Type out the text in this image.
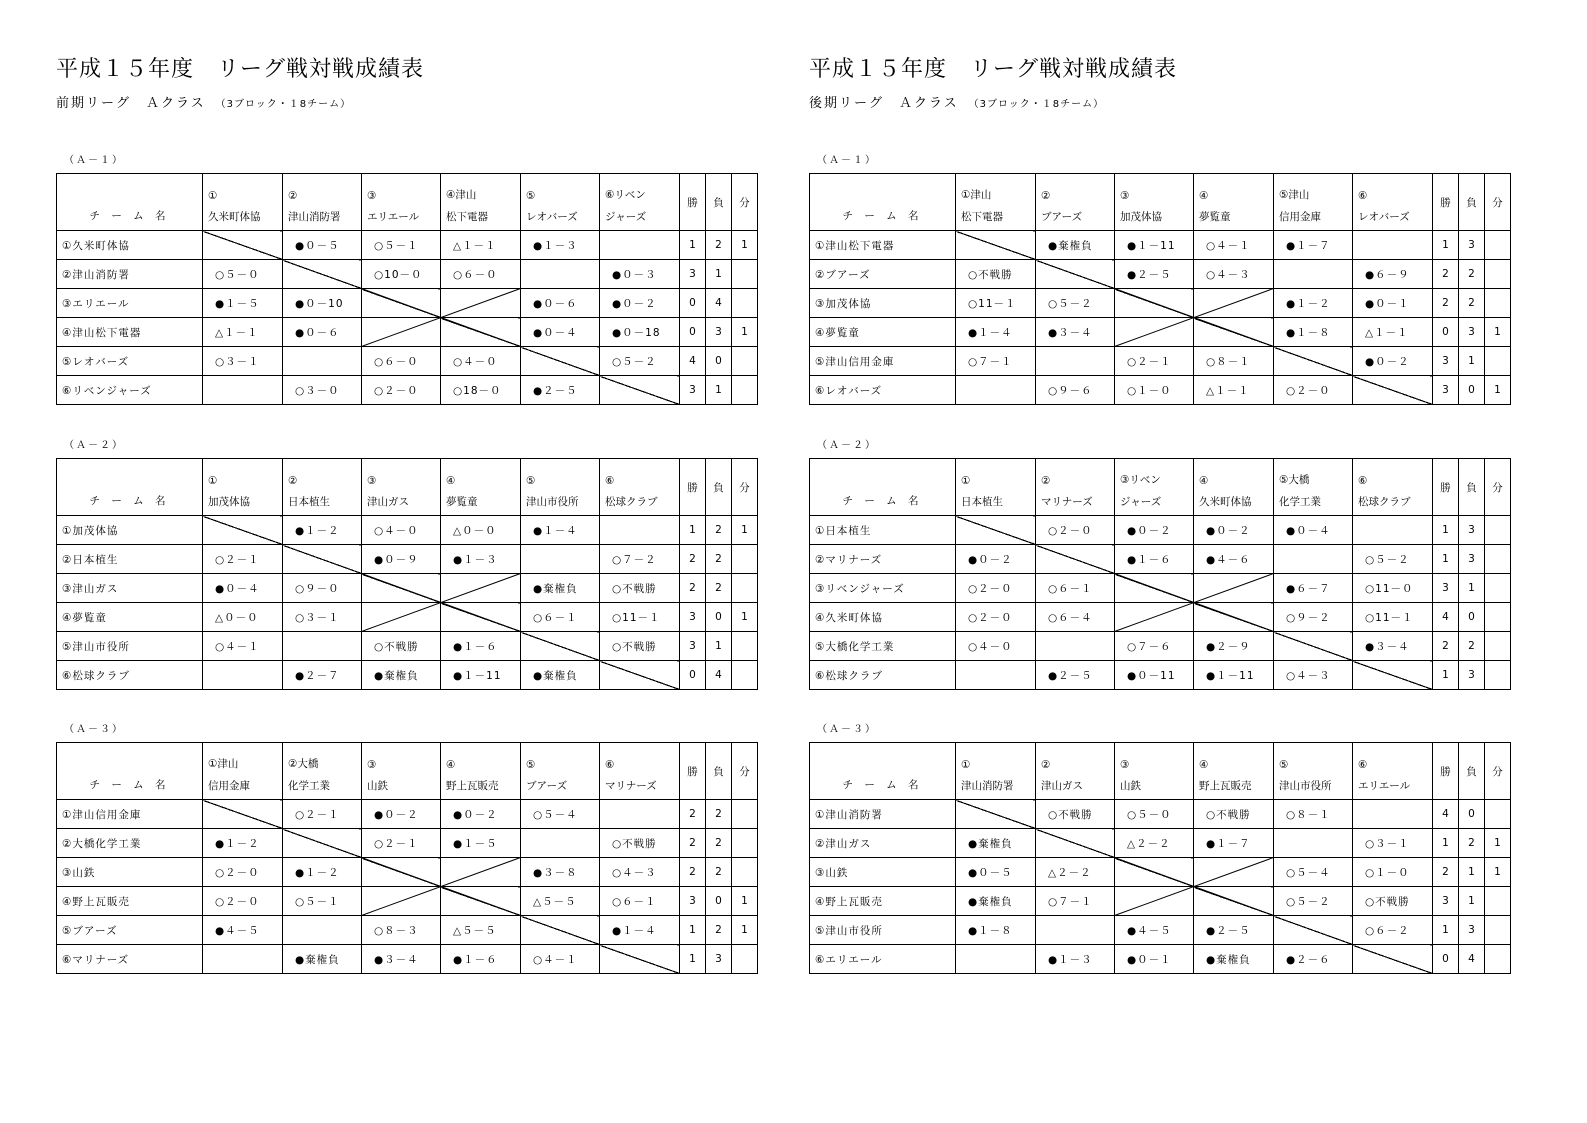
平成１５年度　リーグ戦対戦成績表
前期リーグ　Ａクラス （3ブロック・１8チーム）
（Ａ－１）
チ ー ム 名	①	②	③	④津山	⑤	⑥リベン	勝	負	分
	久米町体協	津山消防署	エリエール	松下電器	レオバーズ	ジャーズ			
①久米町体協		●０－５	○５－１	△１－１	●１－３		1	2	1
②津山消防署	○５－０		○10－０	○６－０		●０－３	3	1	
③エリエール	●１－５	●０－10			●０－６	●０－２	0	4	
④津山松下電器	△１－１	●０－６			●０－４	●０－18	0	3	1
⑤レオバーズ	○３－１		○６－０	○４－０		○５－２	4	0	
⑥リベンジャーズ		○３－０	○２－０	○18－０	●２－５		3	1	
（Ａ－２）
チ ー ム 名	①	②	③	④	⑤	⑥	勝	負	分
	加茂体協	日本植生	津山ガス	夢覧童	津山市役所	松球クラブ			
①加茂体協		●１－２	○４－０	△０－０	●１－４		1	2	1
②日本植生	○２－１		●０－９	●１－３		○７－２	2	2	
③津山ガス	●０－４	○９－０			●棄権負	○不戦勝	2	2	
④夢覧童	△０－０	○３－１			○６－１	○11－１	3	0	1
⑤津山市役所	○４－１		○不戦勝	●１－６		○不戦勝	3	1	
⑥松球クラブ		●２－７	●棄権負	●１－11	●棄権負		0	4	
（Ａ－３）
チ ー ム 名	①津山	②大橋	③	④	⑤	⑥	勝	負	分
	信用金庫	化学工業	山鉄	野上瓦販売	ブアーズ	マリナーズ			
①津山信用金庫		○２－１	●０－２	●０－２	○５－４		2	2	
②大橋化学工業	●１－２		○２－１	●１－５		○不戦勝	2	2	
③山鉄	○２－０	●１－２			●３－８	○４－３	2	2	
④野上瓦販売	○２－０	○５－１			△５－５	○６－１	3	0	1
⑤ブアーズ	●４－５		○８－３	△５－５		●１－４	1	2	1
⑥マリナーズ		●棄権負	●３－４	●１－６	○４－１		1	3	
平成１５年度　リーグ戦対戦成績表
後期リーグ　Ａクラス （3ブロック・１8チーム）
（Ａ－１）
チ ー ム 名	①津山	②	③	④	⑤津山	⑥	勝	負	分
	松下電器	ブアーズ	加茂体協	夢覧童	信用金庫	レオバーズ			
①津山松下電器		●棄権負	●１－11	○４－１	●１－７		1	3	
②ブアーズ	○不戦勝		●２－５	○４－３		●６－９	2	2	
③加茂体協	○11－１	○５－２			●１－２	●０－１	2	2	
④夢覧童	●１－４	●３－４			●１－８	△１－１	0	3	1
⑤津山信用金庫	○７－１		○２－１	○８－１		●０－２	3	1	
⑥レオバーズ		○９－６	○１－０	△１－１	○２－０		3	0	1
（Ａ－２）
チ ー ム 名	①	②	③リベン	④	⑤大橋	⑥	勝	負	分
	日本植生	マリナーズ	ジャーズ	久米町体協	化学工業	松球クラブ			
①日本植生		○２－０	●０－２	●０－２	●０－４		1	3	
②マリナーズ	●０－２		●１－６	●４－６		○５－２	1	3	
③リベンジャーズ	○２－０	○６－１			●６－７	○11－０	3	1	
④久米町体協	○２－０	○６－４			○９－２	○11－１	4	0	
⑤大橋化学工業	○４－０		○７－６	●２－９		●３－４	2	2	
⑥松球クラブ		●２－５	●０－11	●１－11	○４－３		1	3	
（Ａ－３）
チ ー ム 名	①	②	③	④	⑤	⑥	勝	負	分
	津山消防署	津山ガス	山鉄	野上瓦販売	津山市役所	エリエール			
①津山消防署		○不戦勝	○５－０	○不戦勝	○８－１		4	0	
②津山ガス	●棄権負		△２－２	●１－７		○３－１	1	2	1
③山鉄	●０－５	△２－２			○５－４	○１－０	2	1	1
④野上瓦販売	●棄権負	○７－１			○５－２	○不戦勝	3	1	
⑤津山市役所	●１－８		●４－５	●２－５		○６－２	1	3	
⑥エリエール		●１－３	●０－１	●棄権負	●２－６		0	4	
